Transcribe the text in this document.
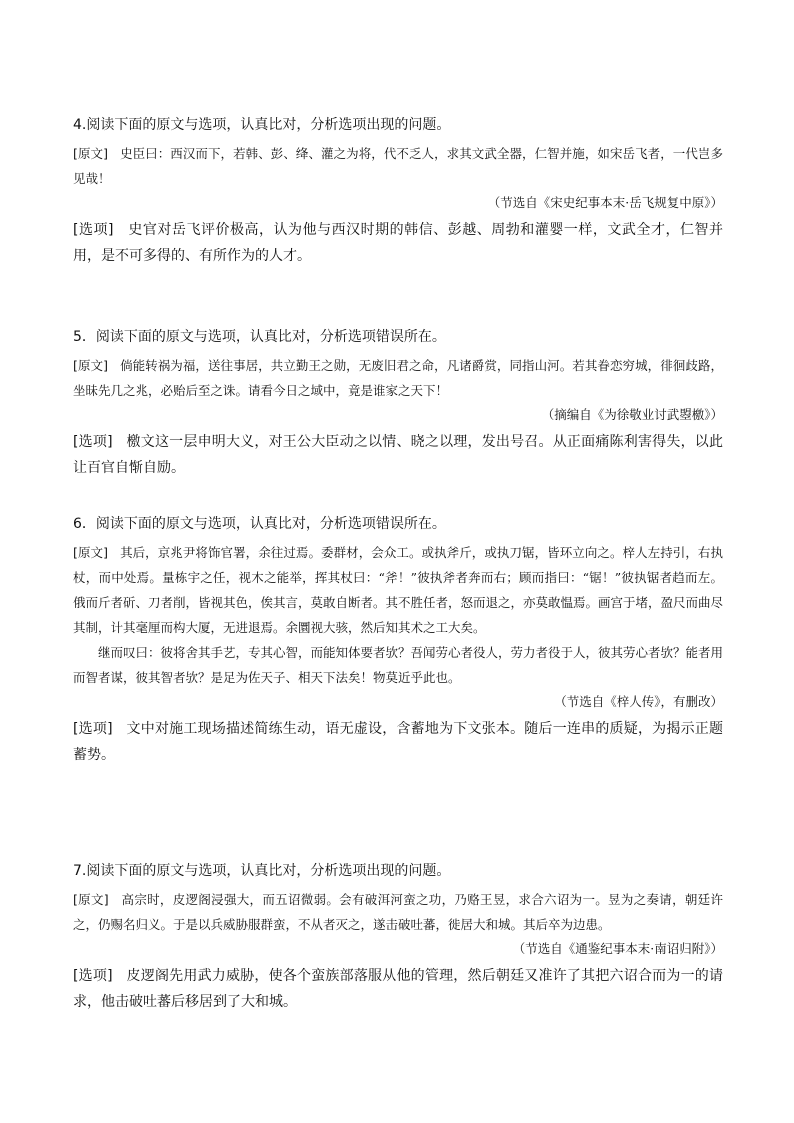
4.阅读下面的原文与选项，认真比对，分析选项出现的问题。

[原文] 史臣曰：西汉而下，若韩、彭、绛、灌之为将，代不乏人，求其文武全器，仁智并施，如宋岳飞者，一代岂多见哉！

（节选自《宋史纪事本末·岳飞规复中原》）

[选项] 史官对岳飞评价极高，认为他与西汉时期的韩信、彭越、周勃和灌婴一样，文武全才，仁智并用，是不可多得的、有所作为的人才。

5．阅读下面的原文与选项，认真比对，分析选项错误所在。

[原文] 倘能转祸为福，送往事居，共立勤王之勋，无废旧君之命，凡诸爵赏，同指山河。若其眷恋穷城，徘徊歧路，坐昧先几之兆，必贻后至之诛。请看今日之域中，竟是谁家之天下！

（摘编自《为徐敬业讨武曌檄》）

[选项] 檄文这一层申明大义，对王公大臣动之以情、晓之以理，发出号召。从正面痛陈利害得失，以此让百官自惭自励。

6．阅读下面的原文与选项，认真比对，分析选项错误所在。

[原文] 其后，京兆尹将饰官署，余往过焉。委群材，会众工。或执斧斤，或执刀锯，皆环立向之。梓人左持引，右执杖，而中处焉。量栋宇之任，视木之能举，挥其杖曰：“斧！”彼执斧者奔而右；顾而指曰：“锯！”彼执锯者趋而左。俄而斤者斫、刀者削，皆视其色，俟其言，莫敢自断者。其不胜任者，怒而退之，亦莫敢愠焉。画宫于堵，盈尺而曲尽其制，计其毫厘而构大厦，无进退焉。余圜视大骇，然后知其术之工大矣。

继而叹曰：彼将舍其手艺，专其心智，而能知体要者欤？吾闻劳心者役人，劳力者役于人，彼其劳心者欤？能者用而智者谋，彼其智者欤？是足为佐天子、相天下法矣！物莫近乎此也。

（节选自《梓人传》，有删改）

[选项] 文中对施工现场描述简练生动，语无虚设，含蓄地为下文张本。随后一连串的质疑，为揭示正题蓄势。

7.阅读下面的原文与选项，认真比对，分析选项出现的问题。

[原文] 高宗时，皮逻阁浸强大，而五诏微弱。会有破洱河蛮之功，乃赂王昱，求合六诏为一。昱为之奏请，朝廷许之，仍赐名归义。于是以兵威胁服群蛮，不从者灭之，遂击破吐蕃，徙居大和城。其后卒为边患。

（节选自《通鉴纪事本末·南诏归附》）

[选项] 皮逻阁先用武力威胁，使各个蛮族部落服从他的管理，然后朝廷又准许了其把六诏合而为一的请求，他击破吐蕃后移居到了大和城。
